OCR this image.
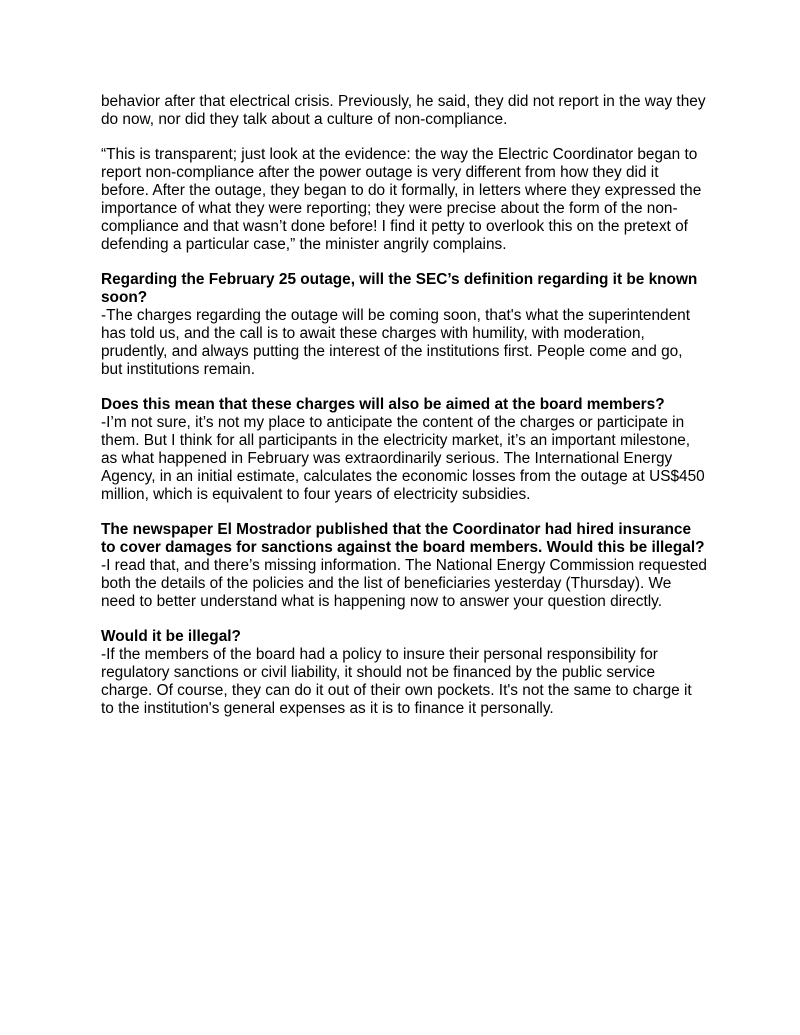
behavior after that electrical crisis. Previously, he said, they did not report in the way they do now, nor did they talk about a culture of non-compliance.

“This is transparent; just look at the evidence: the way the Electric Coordinator began to report non-compliance after the power outage is very different from how they did it before. After the outage, they began to do it formally, in letters where they expressed the importance of what they were reporting; they were precise about the form of the non-compliance and that wasn’t done before! I find it petty to overlook this on the pretext of defending a particular case,” the minister angrily complains.

Regarding the February 25 outage, will the SEC’s definition regarding it be known soon?

-The charges regarding the outage will be coming soon, that's what the superintendent has told us, and the call is to await these charges with humility, with moderation, prudently, and always putting the interest of the institutions first. People come and go, but institutions remain.

Does this mean that these charges will also be aimed at the board members?

-I’m not sure, it’s not my place to anticipate the content of the charges or participate in them. But I think for all participants in the electricity market, it’s an important milestone, as what happened in February was extraordinarily serious. The International Energy Agency, in an initial estimate, calculates the economic losses from the outage at US$450 million, which is equivalent to four years of electricity subsidies.

The newspaper El Mostrador published that the Coordinator had hired insurance to cover damages for sanctions against the board members. Would this be illegal?

-I read that, and there’s missing information. The National Energy Commission requested both the details of the policies and the list of beneficiaries yesterday (Thursday). We need to better understand what is happening now to answer your question directly.

Would it be illegal?

-If the members of the board had a policy to insure their personal responsibility for regulatory sanctions or civil liability, it should not be financed by the public service charge. Of course, they can do it out of their own pockets. It's not the same to charge it to the institution's general expenses as it is to finance it personally.
